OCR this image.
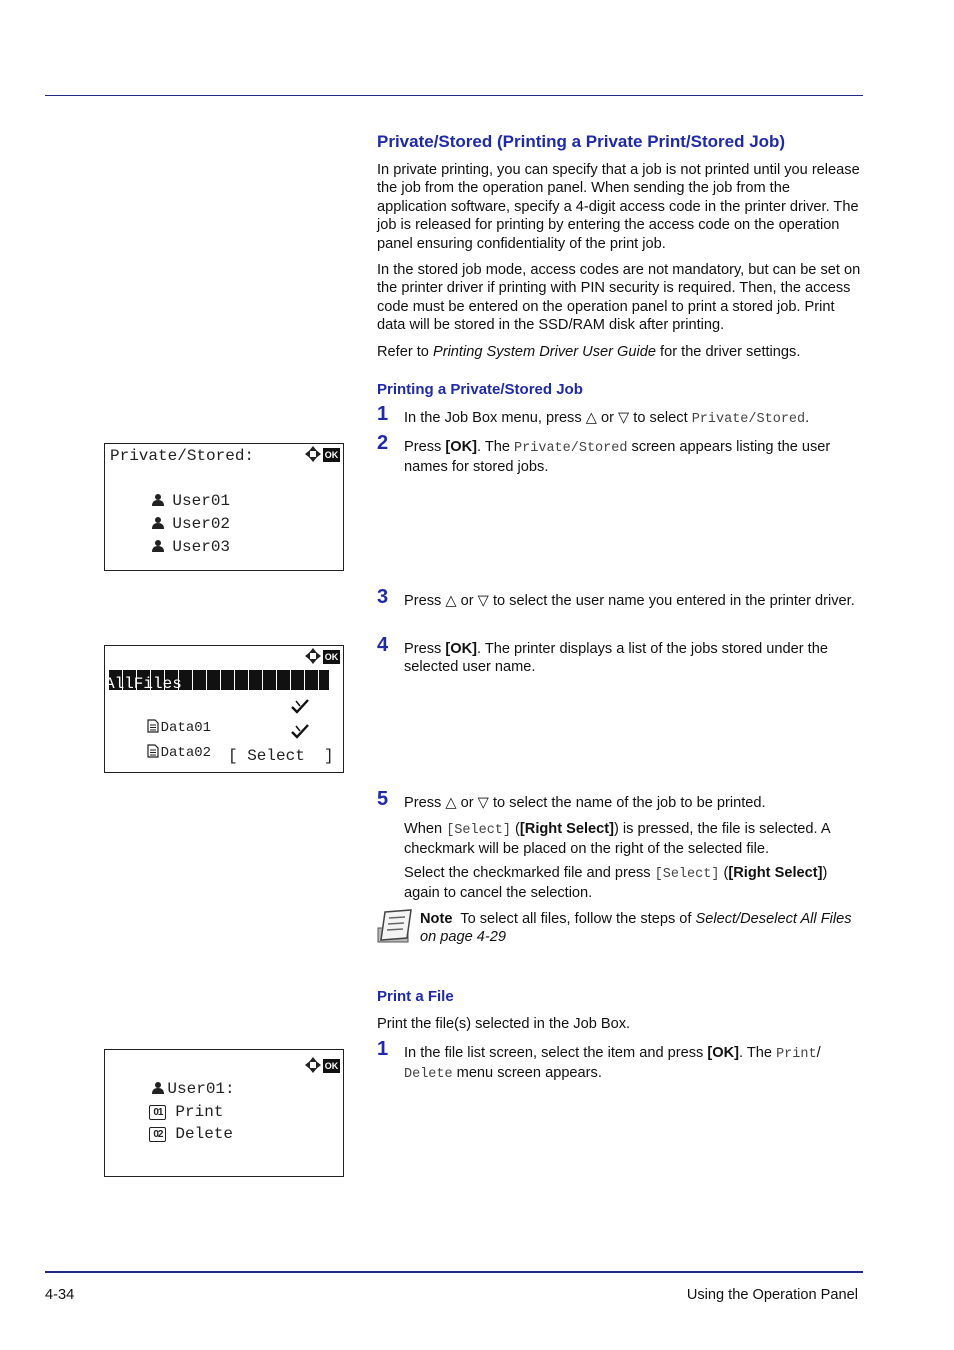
Private/Stored (Printing a Private Print/Stored Job)

In private printing, you can specify that a job is not printed until you release the job from the operation panel. When sending the job from the application software, specify a 4-digit access code in the printer driver. The job is released for printing by entering the access code on the operation panel ensuring confidentiality of the print job.

In the stored job mode, access codes are not mandatory, but can be set on the printer driver if printing with PIN security is required. Then, the access code must be entered on the operation panel to print a stored job. Print data will be stored in the SSD/RAM disk after printing.

Refer to Printing System Driver User Guide for the driver settings.

Printing a Private/Stored Job
1 In the Job Box menu, press △ or ▽ to select Private/Stored.
2 Press [OK]. The Private/Stored screen appears listing the user names for stored jobs.
3 Press △ or ▽ to select the user name you entered in the printer driver.
4 Press [OK]. The printer displays a list of the jobs stored under the selected user name.
5 Press △ or ▽ to select the name of the job to be printed.
When [Select] ([Right Select]) is pressed, the file is selected. A checkmark will be placed on the right of the selected file.
Select the checkmarked file and press [Select] ([Right Select]) again to cancel the selection.
Note To select all files, follow the steps of Select/Deselect All Files on page 4-29
Print a File

Print the file(s) selected in the Job Box.

1 In the file list screen, select the item and press [OK]. The Print/ Delete menu screen appears.
Private/Stored:	OK

User01

User02

User03

OK
AllFiles

Data01

Data02
[ Select  ]

User01:

OK

01 Print

02 Delete

4-34	Using the Operation Panel
